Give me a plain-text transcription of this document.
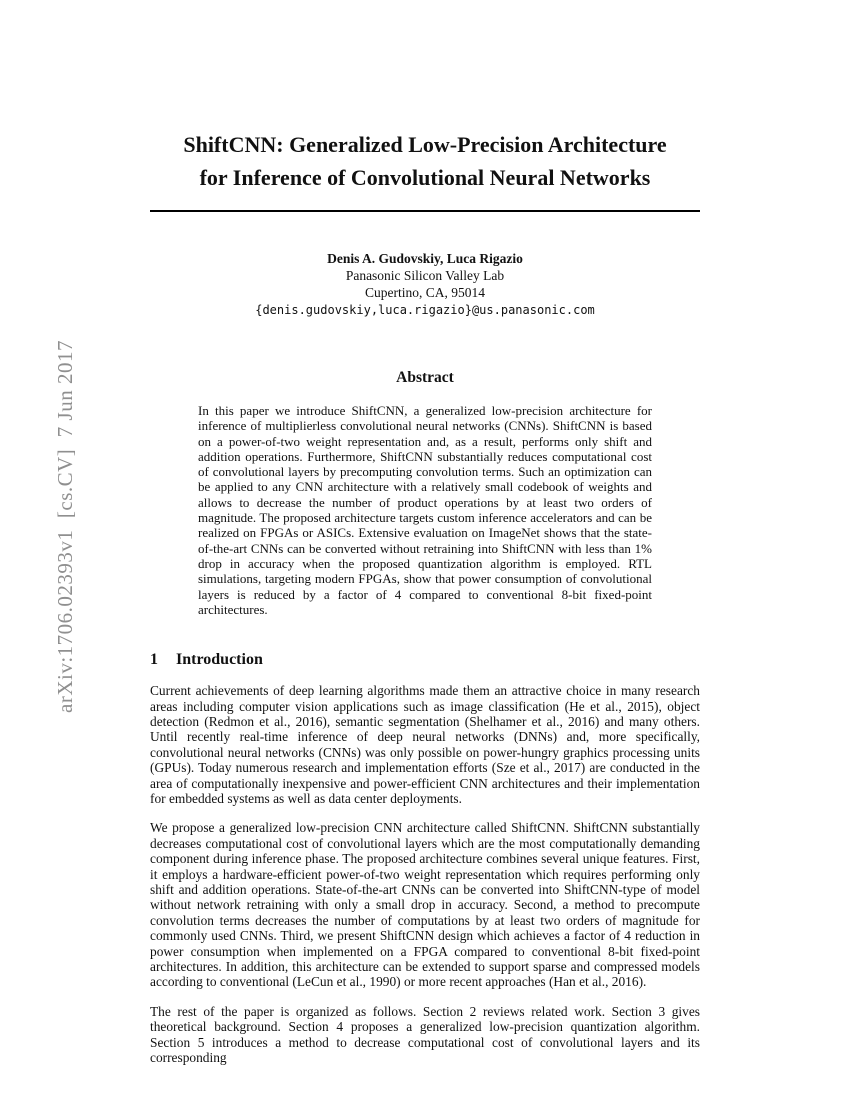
arXiv:1706.02393v1  [cs.CV]  7 Jun 2017

ShiftCNN: Generalized Low-Precision Architecture
for Inference of Convolutional Neural Networks
Denis A. Gudovskiy, Luca Rigazio
Panasonic Silicon Valley Lab
Cupertino, CA, 95014
{denis.gudovskiy,luca.rigazio}@us.panasonic.com
Abstract

In this paper we introduce ShiftCNN, a generalized low-precision architecture for inference of multiplierless convolutional neural networks (CNNs). ShiftCNN is based on a power-of-two weight representation and, as a result, performs only shift and addition operations. Furthermore, ShiftCNN substantially reduces computational cost of convolutional layers by precomputing convolution terms. Such an optimization can be applied to any CNN architecture with a relatively small codebook of weights and allows to decrease the number of product operations by at least two orders of magnitude. The proposed architecture targets custom inference accelerators and can be realized on FPGAs or ASICs. Extensive evaluation on ImageNet shows that the state-of-the-art CNNs can be converted without retraining into ShiftCNN with less than 1% drop in accuracy when the proposed quantization algorithm is employed. RTL simulations, targeting modern FPGAs, show that power consumption of convolutional layers is reduced by a factor of 4 compared to conventional 8-bit fixed-point architectures.

1 Introduction

Current achievements of deep learning algorithms made them an attractive choice in many research areas including computer vision applications such as image classification (He et al., 2015), object detection (Redmon et al., 2016), semantic segmentation (Shelhamer et al., 2016) and many others. Until recently real-time inference of deep neural networks (DNNs) and, more specifically, convolutional neural networks (CNNs) was only possible on power-hungry graphics processing units (GPUs). Today numerous research and implementation efforts (Sze et al., 2017) are conducted in the area of computationally inexpensive and power-efficient CNN architectures and their implementation for embedded systems as well as data center deployments.

We propose a generalized low-precision CNN architecture called ShiftCNN. ShiftCNN substantially decreases computational cost of convolutional layers which are the most computationally demanding component during inference phase. The proposed architecture combines several unique features. First, it employs a hardware-efficient power-of-two weight representation which requires performing only shift and addition operations. State-of-the-art CNNs can be converted into ShiftCNN-type of model without network retraining with only a small drop in accuracy. Second, a method to precompute convolution terms decreases the number of computations by at least two orders of magnitude for commonly used CNNs. Third, we present ShiftCNN design which achieves a factor of 4 reduction in power consumption when implemented on a FPGA compared to conventional 8-bit fixed-point architectures. In addition, this architecture can be extended to support sparse and compressed models according to conventional (LeCun et al., 1990) or more recent approaches (Han et al., 2016).

The rest of the paper is organized as follows. Section 2 reviews related work. Section 3 gives theoretical background. Section 4 proposes a generalized low-precision quantization algorithm. Section 5 introduces a method to decrease computational cost of convolutional layers and its corresponding
